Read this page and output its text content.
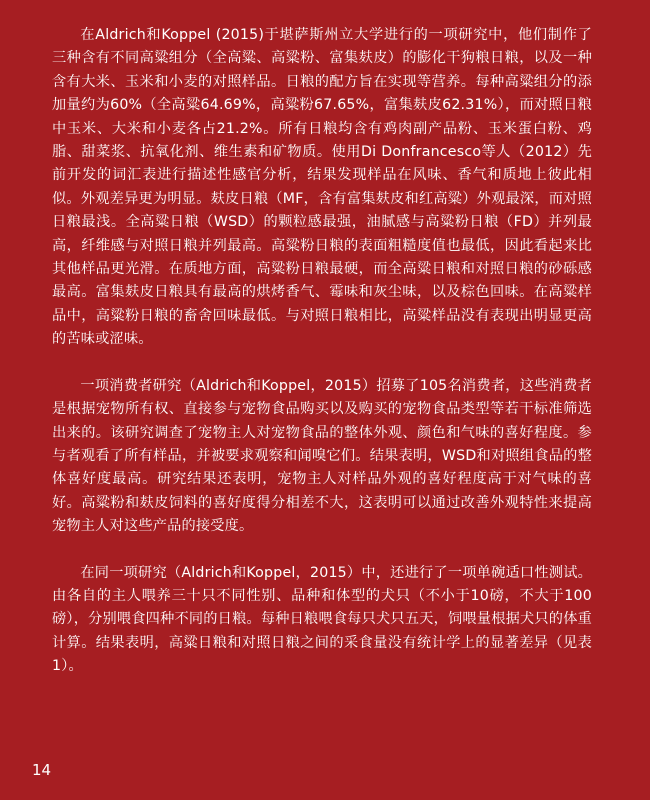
在Aldrich和Koppel (2015)于堪萨斯州立大学进行的一项研究中，他们制作了三种含有不同高粱组分（全高粱、高粱粉、富集麸皮）的膨化干狗粮日粮，以及一种含有大米、玉米和小麦的对照样品。日粮的配方旨在实现等营养。每种高粱组分的添加量约为60%（全高粱64.69%，高粱粉67.65%，富集麸皮62.31%），而对照日粮中玉米、大米和小麦各占21.2%。所有日粮均含有鸡肉副产品粉、玉米蛋白粉、鸡脂、甜菜浆、抗氧化剂、维生素和矿物质。使用Di Donfrancesco等人（2012）先前开发的词汇表进行描述性感官分析，结果发现样品在风味、香气和质地上彼此相似。外观差异更为明显。麸皮日粮（MF，含有富集麸皮和红高粱）外观最深，而对照日粮最浅。全高粱日粮（WSD）的颗粒感最强，油腻感与高粱粉日粮（FD）并列最高，纤维感与对照日粮并列最高。高粱粉日粮的表面粗糙度值也最低，因此看起来比其他样品更光滑。在质地方面，高粱粉日粮最硬，而全高粱日粮和对照日粮的砂砾感最高。富集麸皮日粮具有最高的烘烤香气、霉味和灰尘味，以及棕色回味。在高粱样品中，高粱粉日粮的畜舍回味最低。与对照日粮相比，高粱样品没有表现出明显更高的苦味或涩味。

一项消费者研究（Aldrich和Koppel，2015）招募了105名消费者，这些消费者是根据宠物所有权、直接参与宠物食品购买以及购买的宠物食品类型等若干标准筛选出来的。该研究调查了宠物主人对宠物食品的整体外观、颜色和气味的喜好程度。参与者观看了所有样品，并被要求观察和闻嗅它们。结果表明，WSD和对照组食品的整体喜好度最高。研究结果还表明，宠物主人对样品外观的喜好程度高于对气味的喜好。高粱粉和麸皮饲料的喜好度得分相差不大，这表明可以通过改善外观特性来提高宠物主人对这些产品的接受度。

在同一项研究（Aldrich和Koppel，2015）中，还进行了一项单碗适口性测试。由各自的主人喂养三十只不同性别、品种和体型的犬只（不小于10磅，不大于100磅），分别喂食四种不同的日粮。每种日粮喂食每只犬只五天，饲喂量根据犬只的体重计算。结果表明，高粱日粮和对照日粮之间的采食量没有统计学上的显著差异（见表1）。

14
